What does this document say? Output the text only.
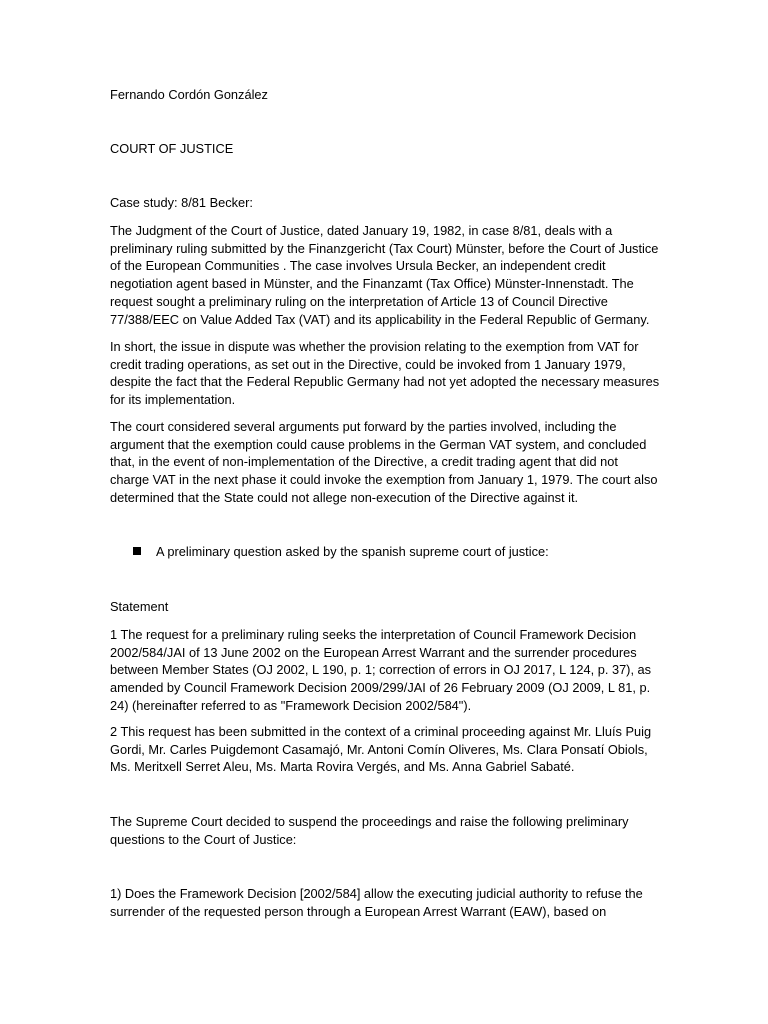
Fernando Cordón González

COURT OF JUSTICE

Case study: 8/81 Becker:

The Judgment of the Court of Justice, dated January 19, 1982, in case 8/81, deals with a preliminary ruling submitted by the Finanzgericht (Tax Court) Münster, before the Court of Justice of the European Communities . The case involves Ursula Becker, an independent credit negotiation agent based in Münster, and the Finanzamt (Tax Office) Münster-Innenstadt. The request sought a preliminary ruling on the interpretation of Article 13 of Council Directive 77/388/EEC on Value Added Tax (VAT) and its applicability in the Federal Republic of Germany.

In short, the issue in dispute was whether the provision relating to the exemption from VAT for credit trading operations, as set out in the Directive, could be invoked from 1 January 1979, despite the fact that the Federal Republic Germany had not yet adopted the necessary measures for its implementation.

The court considered several arguments put forward by the parties involved, including the argument that the exemption could cause problems in the German VAT system, and concluded that, in the event of non-implementation of the Directive, a credit trading agent that did not charge VAT in the next phase it could invoke the exemption from January 1, 1979. The court also determined that the State could not allege non-execution of the Directive against it.

A preliminary question asked by the spanish supreme court of justice:

Statement

1 The request for a preliminary ruling seeks the interpretation of Council Framework Decision 2002/584/JAI of 13 June 2002 on the European Arrest Warrant and the surrender procedures between Member States (OJ 2002, L 190, p. 1; correction of errors in OJ 2017, L 124, p. 37), as amended by Council Framework Decision 2009/299/JAI of 26 February 2009 (OJ 2009, L 81, p. 24) (hereinafter referred to as "Framework Decision 2002/584").

2 This request has been submitted in the context of a criminal proceeding against Mr. Lluís Puig Gordi, Mr. Carles Puigdemont Casamajó, Mr. Antoni Comín Oliveres, Ms. Clara Ponsatí Obiols, Ms. Meritxell Serret Aleu, Ms. Marta Rovira Vergés, and Ms. Anna Gabriel Sabaté.

The Supreme Court decided to suspend the proceedings and raise the following preliminary questions to the Court of Justice:

1) Does the Framework Decision [2002/584] allow the executing judicial authority to refuse the surrender of the requested person through a European Arrest Warrant (EAW), based on
